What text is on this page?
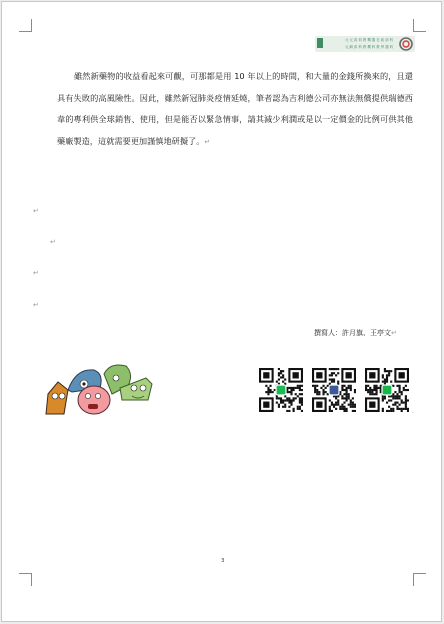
元 元 真 伺 教 機 器 在 政 部 科
元 網 真 科 教 機 科 教 學 器 科

雖然新藥物的收益看起來可觀，可那都是用 10 年以上的時間，和大量的金錢所換來的，且還具有失敗的高風險性。因此，雖然新冠肺炎疫情延燒，筆者認為吉利德公司亦無法無償提供瑞德西韋的專利供全球銷售、使用，但是能否以緊急情事，請其減少利潤或是以一定價金的比例可供其他藥廠製造，這就需要更加謹慎地研擬了。↵

↵
↵
↵
↵
撰寫人：許月旗、王亭文↵
.
3
